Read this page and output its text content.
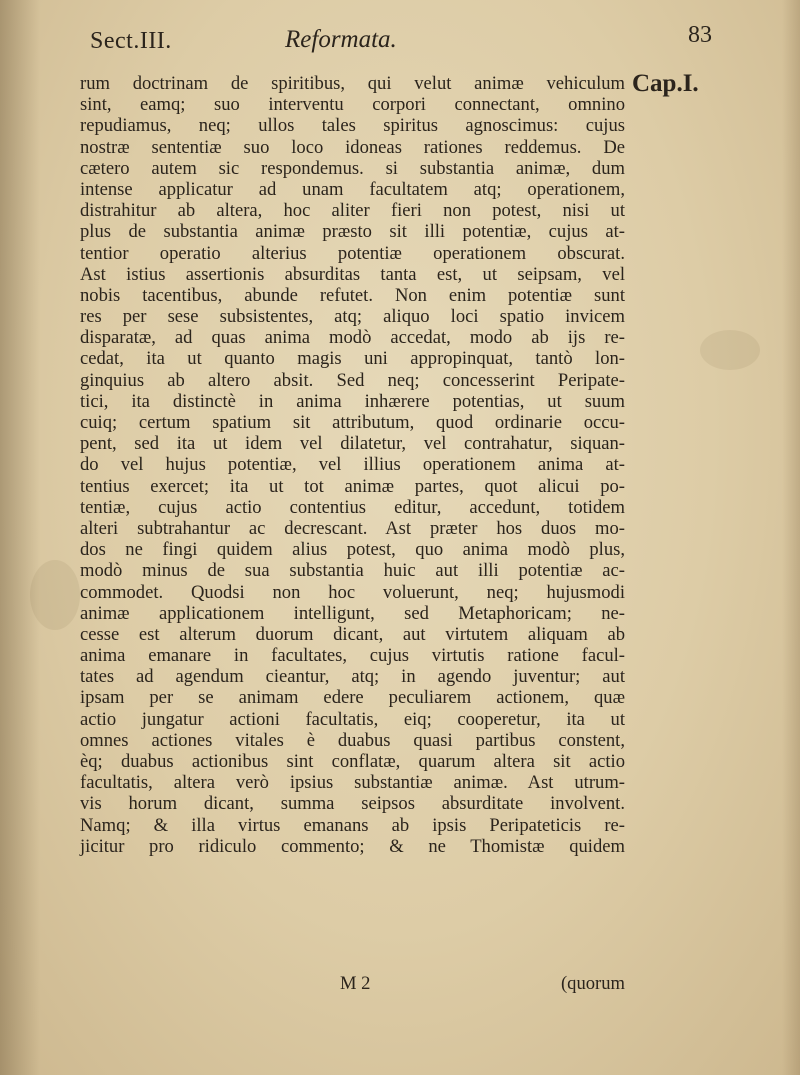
Sect.III.	Reformata.	83
Cap.I.
rum doctrinam de spiritibus, qui velut animæ vehiculum
sint, eamq; suo interventu corpori connectant, omnino
repudiamus, neq; ullos tales spiritus agnoscimus: cujus
nostræ sententiæ suo loco idoneas rationes reddemus. De
cætero autem sic respondemus. si substantia animæ, dum
intense applicatur ad unam facultatem atq; operationem,
distrahitur ab altera, hoc aliter fieri non potest, nisi ut
plus de substantia animæ præsto sit illi potentiæ, cujus at-
tentior operatio alterius potentiæ operationem obscurat.
Ast istius assertionis absurditas tanta est, ut seipsam, vel
nobis tacentibus, abunde refutet. Non enim potentiæ sunt
res per sese subsistentes, atq; aliquo loci spatio invicem
disparatæ, ad quas anima modò accedat, modo ab ijs re-
cedat, ita ut quanto magis uni appropinquat, tantò lon-
ginquius ab altero absit. Sed neq; concesserint Peripate-
tici, ita distinctè in anima inhærere potentias, ut suum
cuiq; certum spatium sit attributum, quod ordinarie occu-
pent, sed ita ut idem vel dilatetur, vel contrahatur, siquan-
do vel hujus potentiæ, vel illius operationem anima at-
tentius exercet; ita ut tot animæ partes, quot alicui po-
tentiæ, cujus actio contentius editur, accedunt, totidem
alteri subtrahantur ac decrescant. Ast præter hos duos mo-
dos ne fingi quidem alius potest, quo anima modò plus,
modò minus de sua substantia huic aut illi potentiæ ac-
commodet. Quodsi non hoc voluerunt, neq; hujusmodi
animæ applicationem intelligunt, sed Metaphoricam; ne-
cesse est alterum duorum dicant, aut virtutem aliquam ab
anima emanare in facultates, cujus virtutis ratione facul-
tates ad agendum cieantur, atq; in agendo juventur; aut
ipsam per se animam edere peculiarem actionem, quæ
actio jungatur actioni facultatis, eiq; cooperetur, ita ut
omnes actiones vitales è duabus quasi partibus constent,
èq; duabus actionibus sint conflatæ, quarum altera sit actio
facultatis, altera verò ipsius substantiæ animæ. Ast utrum-
vis horum dicant, summa seipsos absurditate involvent.
Namq; & illa virtus emanans ab ipsis Peripateticis re-
jicitur pro ridiculo commento; & ne Thomistæ quidem
M 2	(quorum
